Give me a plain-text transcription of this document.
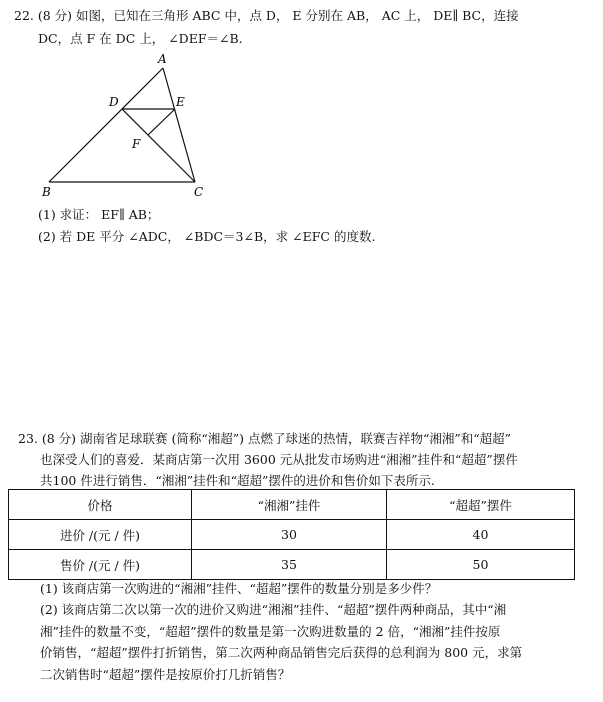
22. (8 分) 如图，已知在三角形 ABC 中，点 D， E 分别在 AB， AC 上， DE∥ BC，连接
DC，点 F 在 DC 上， ∠DEF＝∠B.
A
D	E
F
B	C
(1) 求证： EF∥ AB；
(2) 若 DE 平分 ∠ADC， ∠BDC＝3∠B，求 ∠EFC 的度数.
23. (8 分) 湖南省足球联赛 (简称“湘超”) 点燃了球迷的热情，联赛吉祥物“湘湘”和“超超”
也深受人们的喜爱．某商店第一次用 3600 元从批发市场购进“湘湘”挂件和“超超”摆件
共100 件进行销售．“湘湘”挂件和“超超”摆件的进价和售价如下表所示.
价格	“湘湘”挂件	“超超”摆件
进价 /(元 / 件)	30	40
售价 /(元 / 件)	35	50
(1) 该商店第一次购进的“湘湘”挂件、“超超”摆件的数量分别是多少件？
(2) 该商店第二次以第一次的进价又购进“湘湘”挂件、“超超”摆件两种商品，其中“湘
湘”挂件的数量不变，“超超”摆件的数量是第一次购进数量的 2 倍，“湘湘”挂件按原
价销售，“超超”摆件打折销售，第二次两种商品销售完后获得的总利润为 800 元，求第
二次销售时“超超”摆件是按原价打几折销售？
